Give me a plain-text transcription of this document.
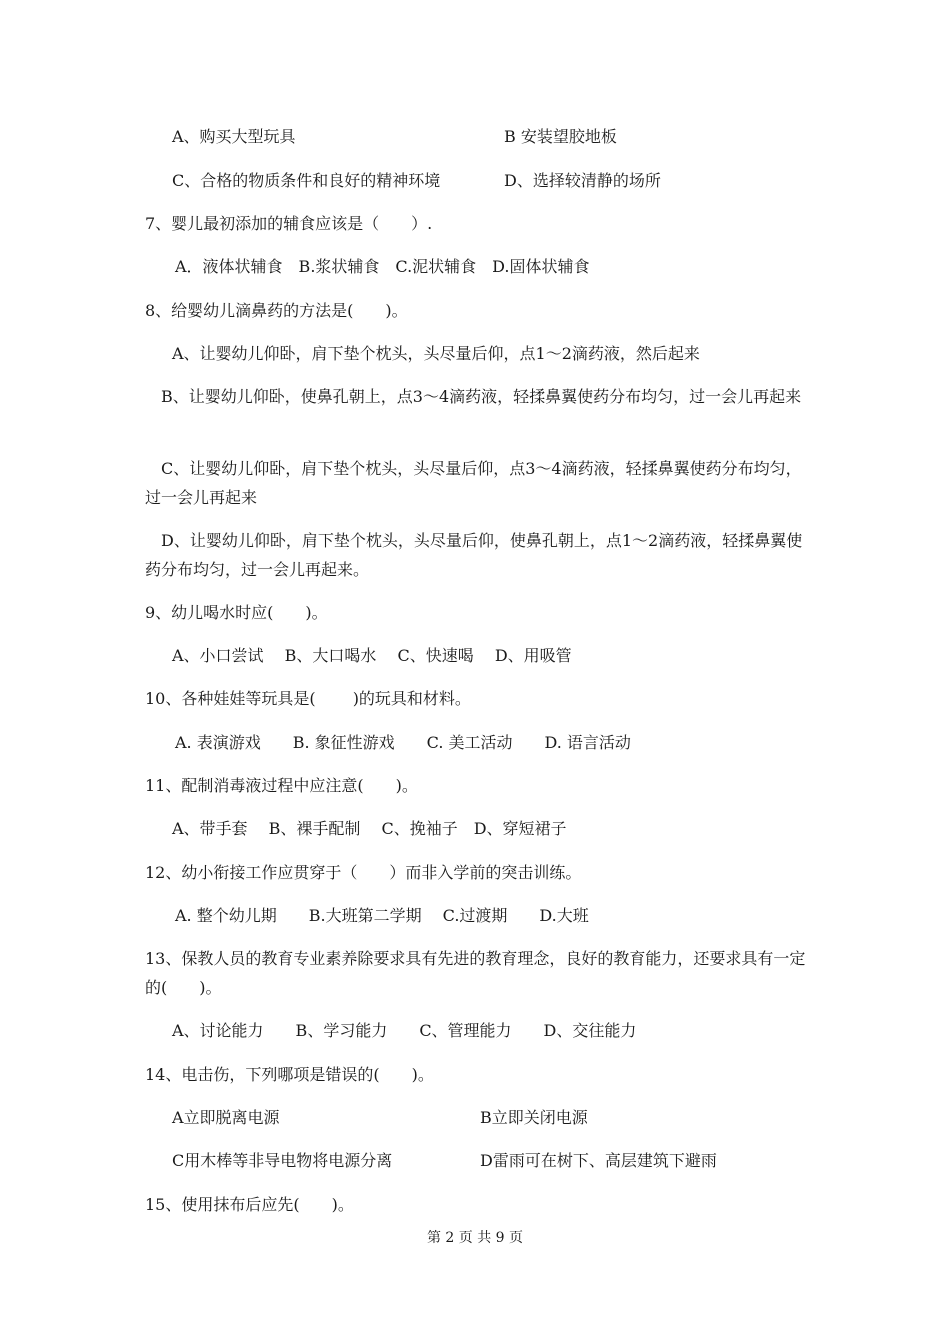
A、购买大型玩具	B 安装望胶地板
C、合格的物质条件和良好的精神环境	D、选择较清静的场所
7、婴儿最初添加的辅食应该是（　　）.
A．液体状辅食　B.浆状辅食　C.泥状辅食　D.固体状辅食
8、给婴幼儿滴鼻药的方法是(　　)。
A、让婴幼儿仰卧，肩下垫个枕头，头尽量后仰，点1～2滴药液，然后起来
　B、让婴幼儿仰卧，使鼻孔朝上，点3～4滴药液，轻揉鼻翼使药分布均匀，过一会儿再起来
　C、让婴幼儿仰卧，肩下垫个枕头，头尽量后仰，点3～4滴药液，轻揉鼻翼使药分布均匀，过一会儿再起来
　D、让婴幼儿仰卧，肩下垫个枕头，头尽量后仰，使鼻孔朝上，点1～2滴药液，轻揉鼻翼使药分布均匀，过一会儿再起来。
9、幼儿喝水时应(　　)。
A、小口尝试　 B、大口喝水　 C、快速喝　 D、用吸管
10、各种娃娃等玩具是(　　 )的玩具和材料。
A. 表演游戏　　B. 象征性游戏　　C. 美工活动　　D. 语言活动
11、配制消毒液过程中应注意(　　)。
A、带手套　 B、裸手配制　 C、挽袖子　D、穿短裙子
12、幼小衔接工作应贯穿于（　　）而非入学前的突击训练。
A. 整个幼儿期　　B.大班第二学期　 C.过渡期　　D.大班
13、保教人员的教育专业素养除要求具有先进的教育理念，良好的教育能力，还要求具有一定的(　　)。
A、讨论能力　　B、学习能力　　C、管理能力　　D、交往能力
14、电击伤，下列哪项是错误的(　　)。
A立即脱离电源	B立即关闭电源
C用木棒等非导电物将电源分离	D雷雨可在树下、高层建筑下避雨
15、使用抹布后应先(　　)。
第 2 页 共 9 页
